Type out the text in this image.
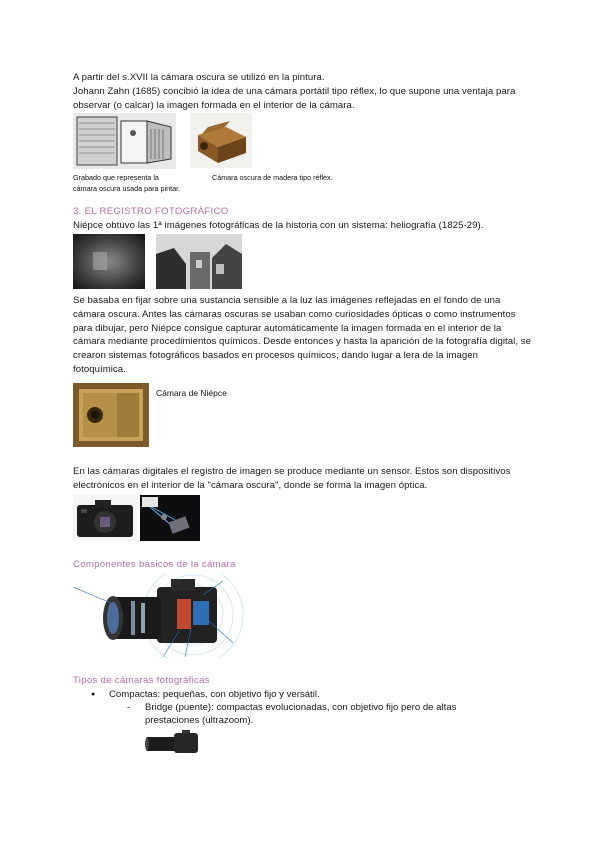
A partir del s.XVII la cámara oscura se utilizó en la pintura.
Johann Zahn (1685) concibió la idea de una cámara portátil tipo réflex, lo que supone una ventaja para observar (o calcar) la imagen formada en el interior de la cámara.
Grabado que representa la cámara oscura usada para pintar.
Cámara oscura de madera tipo réflex.
3. EL REGISTRO FOTOGRÁFICO
Niépce obtuvo las 1ª imágenes fotográficas de la historia con un sistema: heliografía (1825-29).
Se basaba en fijar sobre una sustancia sensible a la luz las imágenes reflejadas en el fondo de una cámara oscura. Antes las cámaras oscuras se usaban como curiosidades ópticas o como instrumentos para dibujar, pero Niépce consigue capturar automáticamente la imagen formada en el interior de la cámara mediante procedimientos químicos. Desde entonces y hasta la aparición de la fotografía digital, se crearon sistemas fotográficos basados en procesos químicos, dando lugar a lera de la imagen fotoquímica.
Cámara de Niépce
En las cámaras digitales el registro de imagen se produce mediante un sensor. Estos son dispositivos electrónicos en el interior de la "cámara oscura", donde se forma la imagen óptica.
Componentes básicos de la cámara
Tipos de cámaras fotográficas
● Compactas: pequeñas, con objetivo fijo y versátil.
- Bridge (puente): compactas evolucionadas, con objetivo fijo pero de altas prestaciones (ultrazoom).
